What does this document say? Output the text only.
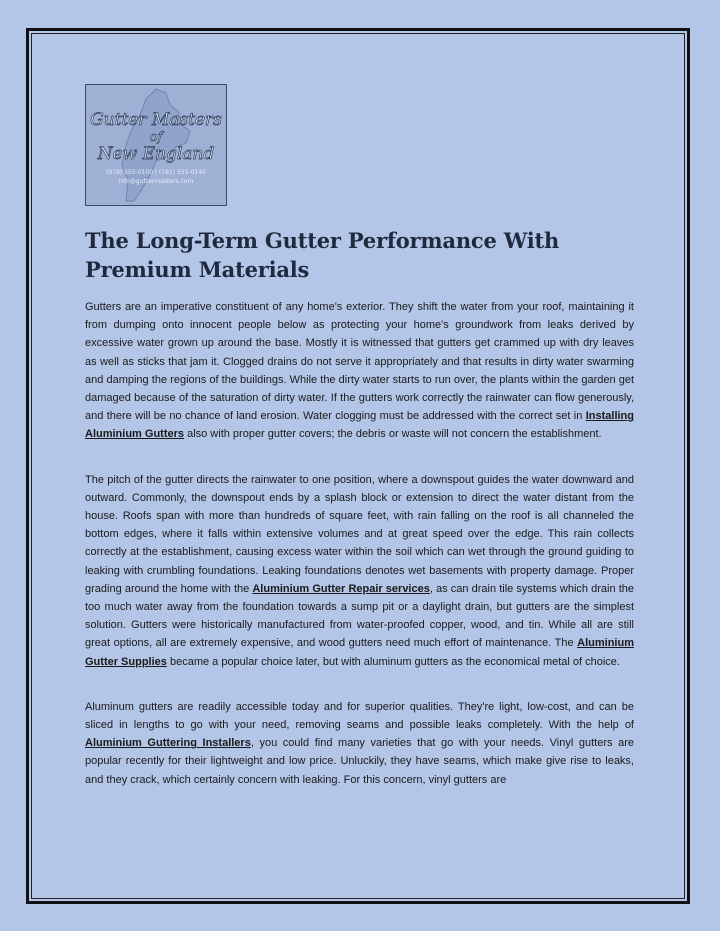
Gutter Masters
of
New England
(978) 555-0100 | (781) 555-0140
info@guttermasters.com
The Long-Term Gutter Performance With Premium Materials

Gutters are an imperative constituent of any home's exterior. They shift the water from your roof, maintaining it from dumping onto innocent people below as protecting your home's groundwork from leaks derived by excessive water grown up around the base. Mostly it is witnessed that gutters get crammed up with dry leaves as well as sticks that jam it. Clogged drains do not serve it appropriately and that results in dirty water swarming and damping the regions of the buildings. While the dirty water starts to run over, the plants within the garden get damaged because of the saturation of dirty water. If the gutters work correctly the rainwater can flow generously, and there will be no chance of land erosion. Water clogging must be addressed with the correct set in Installing Aluminium Gutters also with proper gutter covers; the debris or waste will not concern the establishment.

The pitch of the gutter directs the rainwater to one position, where a downspout guides the water downward and outward. Commonly, the downspout ends by a splash block or extension to direct the water distant from the house. Roofs span with more than hundreds of square feet, with rain falling on the roof is all channeled the bottom edges, where it falls within extensive volumes and at great speed over the edge. This rain collects correctly at the establishment, causing excess water within the soil which can wet through the ground guiding to leaking with crumbling foundations. Leaking foundations denotes wet basements with property damage. Proper grading around the home with the Aluminium Gutter Repair services, as can drain tile systems which drain the too much water away from the foundation towards a sump pit or a daylight drain, but gutters are the simplest solution. Gutters were historically manufactured from water-proofed copper, wood, and tin. While all are still great options, all are extremely expensive, and wood gutters need much effort of maintenance. The Aluminium Gutter Supplies became a popular choice later, but with aluminum gutters as the economical metal of choice.

Aluminum gutters are readily accessible today and for superior qualities. They're light, low-cost, and can be sliced in lengths to go with your need, removing seams and possible leaks completely. With the help of Aluminium Guttering Installers, you could find many varieties that go with your needs. Vinyl gutters are popular recently for their lightweight and low price. Unluckily, they have seams, which make give rise to leaks, and they crack, which certainly concern with leaking. For this concern, vinyl gutters are
